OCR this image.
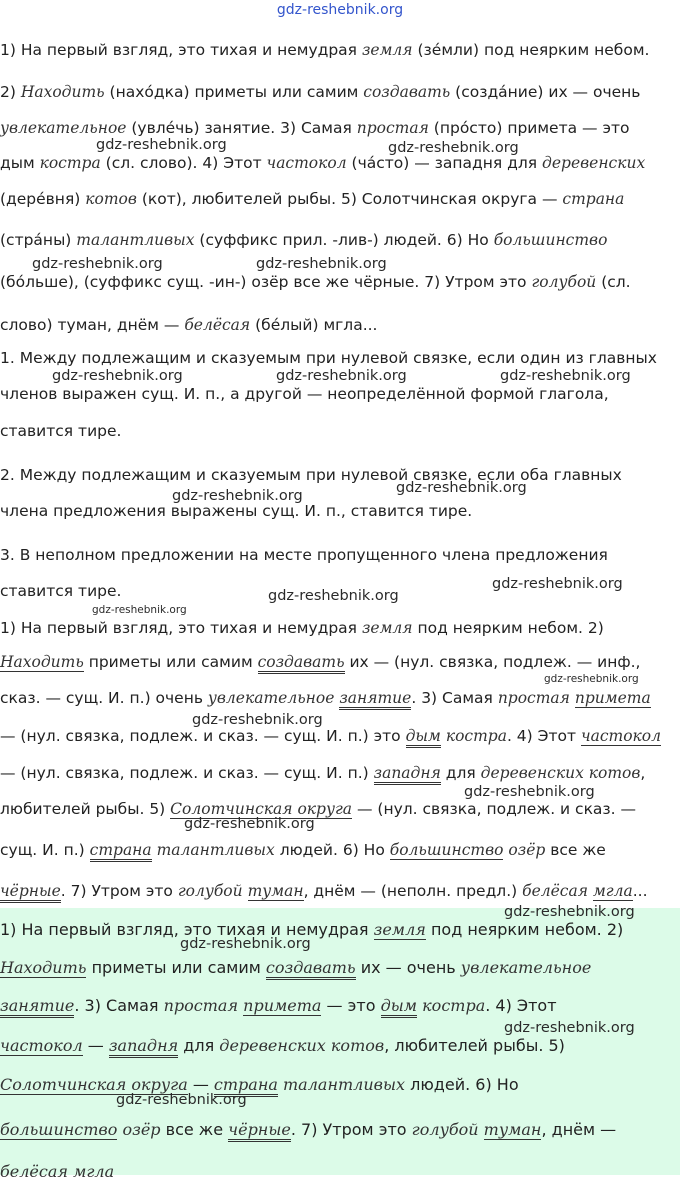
gdz-reshebnik.org
1) На первый взгляд, это тихая и немудрая земля (зе́мли) под неярким небом.
2) Находить (нахо́дка) приметы или самим создавать (созда́ние) их — очень
увлекательное (увле́чь) занятие. 3) Самая простая (про́сто) примета — это
дым костра (сл. слово). 4) Этот частокол (ча́сто) — западня для деревенских
(дере́вня) котов (кот), любителей рыбы. 5) Солотчинская округа — страна
(стра́ны) талантливых (суффикс прил. -лив-) людей. 6) Но большинство
(бо́льше), (суффикс сущ. -ин-) озёр все же чёрные. 7) Утром это голубой (сл.
слово) туман, днём — белёсая (бе́лый) мгла...
1. Между подлежащим и сказуемым при нулевой связке, если один из главных
членов выражен сущ. И. п., а другой — неопределённой формой глагола,
ставится тире.
2. Между подлежащим и сказуемым при нулевой связке, если оба главных
члена предложения выражены сущ. И. п., ставится тире.
3. В неполном предложении на месте пропущенного члена предложения
ставится тире.
1) На первый взгляд, это тихая и немудрая земля под неярким небом. 2)
Находить приметы или самим создавать их — (нул. связка, подлеж. — инф.,
сказ. — сущ. И. п.) очень увлекательное занятие. 3) Самая простая примета
— (нул. связка, подлеж. и сказ. — сущ. И. п.) это дым костра. 4) Этот частокол
— (нул. связка, подлеж. и сказ. — сущ. И. п.) западня для деревенских котов,
любителей рыбы. 5) Солотчинская округа — (нул. связка, подлеж. и сказ. —
сущ. И. п.) страна талантливых людей. 6) Но большинство озёр все же
чёрные. 7) Утром это голубой туман, днём — (неполн. предл.) белёсая мгла...
1) На первый взгляд, это тихая и немудрая земля под неярким небом. 2)
Находить приметы или самим создавать их — очень увлекательное
занятие. 3) Самая простая примета — это дым костра. 4) Этот
частокол — западня для деревенских котов, любителей рыбы. 5)
Солотчинская округа — страна талантливых людей. 6) Но
большинство озёр все же чёрные. 7) Утром это голубой туман, днём —
белёсая мгла
gdz-reshebnik.org	gdz-reshebnik.org
gdz-reshebnik.org	gdz-reshebnik.org
gdz-reshebnik.org	gdz-reshebnik.org	gdz-reshebnik.org
gdz-reshebnik.org	gdz-reshebnik.org
gdz-reshebnik.org
gdz-reshebnik.org
gdz-reshebnik.org
gdz-reshebnik.org
gdz-reshebnik.org
gdz-reshebnik.org
gdz-reshebnik.org
gdz-reshebnik.org
gdz-reshebnik.org
gdz-reshebnik.org
gdz-reshebnik.org
